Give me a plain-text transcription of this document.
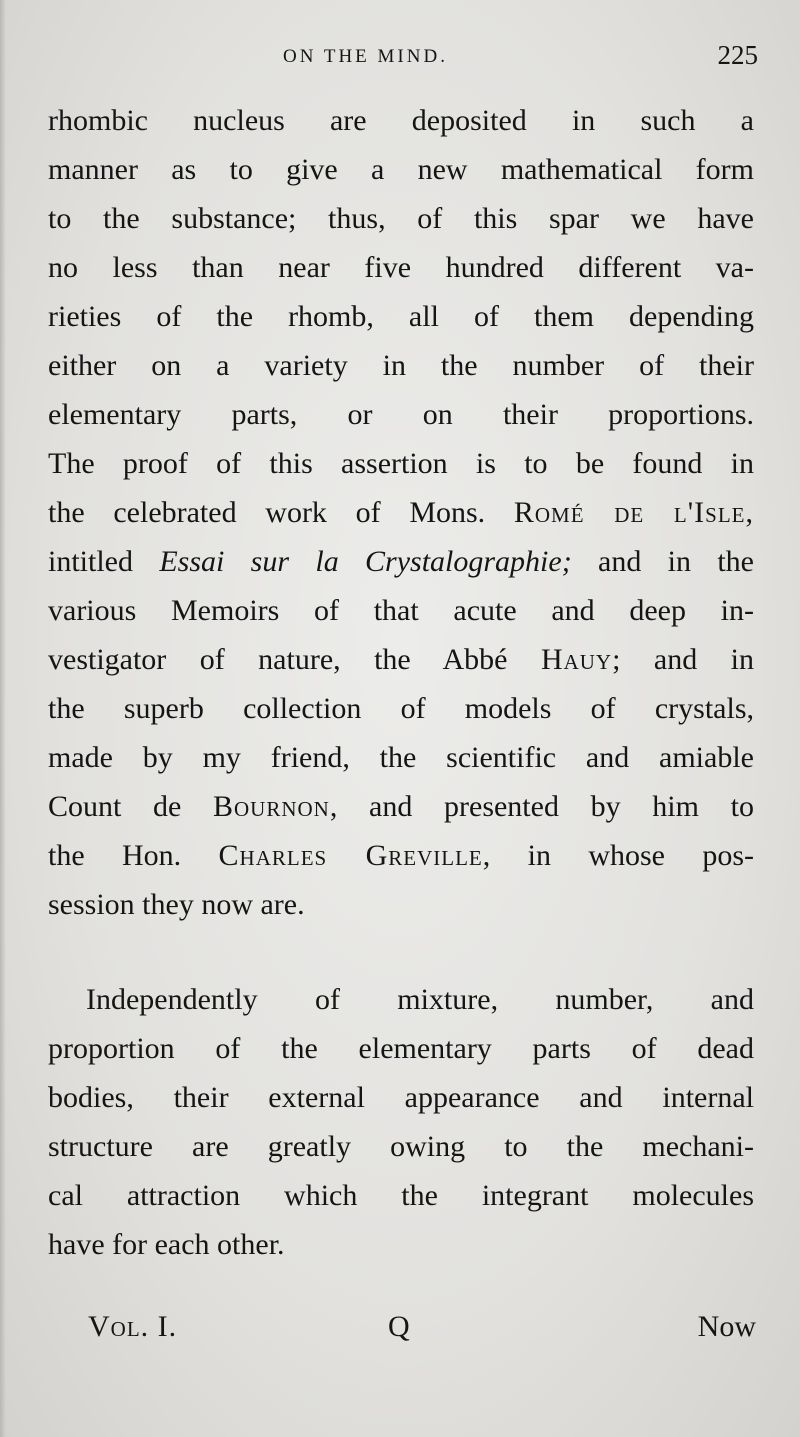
ON THE MIND.	225
rhombic nucleus are deposited in such a
manner as to give a new mathematical form
to the substance; thus, of this spar we have
no less than near five hundred different va-
rieties of the rhomb, all of them depending
either on a variety in the number of their
elementary parts, or on their proportions.
The proof of this assertion is to be found in
the celebrated work of Mons. Romé de l'Isle,
intitled Essai sur la Crystalographie; and in the
various Memoirs of that acute and deep in-
vestigator of nature, the Abbé Hauy; and in
the superb collection of models of crystals,
made by my friend, the scientific and amiable
Count de Bournon, and presented by him to
the Hon. Charles Greville, in whose pos-
session they now are.
Independently of mixture, number, and
proportion of the elementary parts of dead
bodies, their external appearance and internal
structure are greatly owing to the mechani-
cal attraction which the integrant molecules
have for each other.
Vol. I.	Q	Now
